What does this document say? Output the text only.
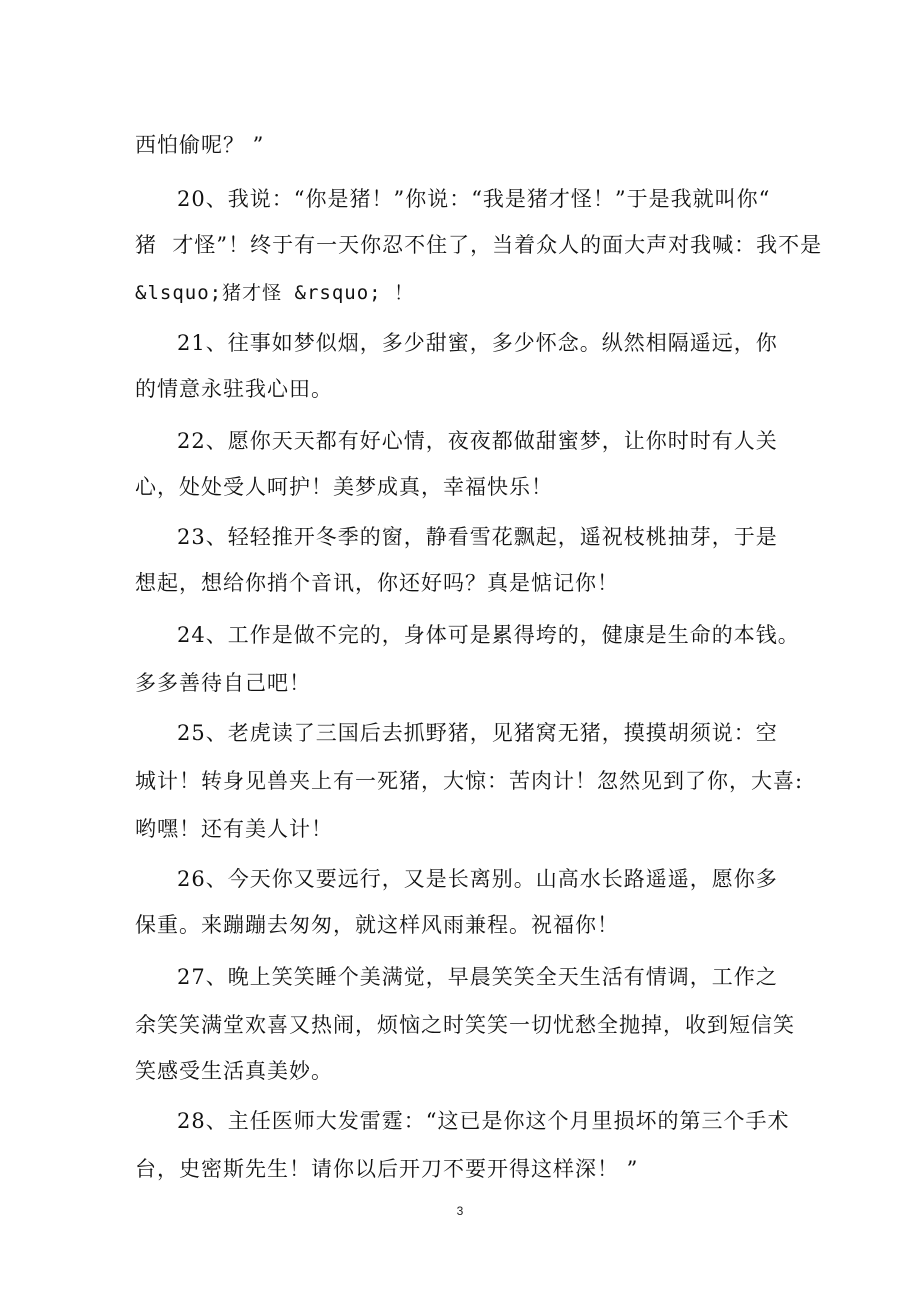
西怕偷呢？ ”
20、我说：“你是猪！”你说：“我是猪才怪！”于是我就叫你“
猪  才怪”！终于有一天你忍不住了，当着众人的面大声对我喊：我不是
&lsquo;猪才怪 &rsquo; ！
21、往事如梦似烟，多少甜蜜，多少怀念。纵然相隔遥远，你
的情意永驻我心田。
22、愿你天天都有好心情，夜夜都做甜蜜梦，让你时时有人关
心，处处受人呵护！美梦成真，幸福快乐！
23、轻轻推开冬季的窗，静看雪花飘起，遥祝枝桃抽芽，于是
想起，想给你捎个音讯，你还好吗？真是惦记你！
24、工作是做不完的，身体可是累得垮的，健康是生命的本钱。
多多善待自己吧！
25、老虎读了三国后去抓野猪，见猪窝无猪，摸摸胡须说：空
城计！转身见兽夹上有一死猪，大惊：苦肉计！忽然见到了你，大喜:
哟嘿！还有美人计！
26、今天你又要远行，又是长离别。山高水长路遥遥，愿你多
保重。来蹦蹦去匆匆，就这样风雨兼程。祝福你！
27、晚上笑笑睡个美满觉，早晨笑笑全天生活有情调，工作之
余笑笑满堂欢喜又热闹，烦恼之时笑笑一切忧愁全抛掉，收到短信笑
笑感受生活真美妙。
28、主任医师大发雷霆：“这已是你这个月里损坏的第三个手术
台，史密斯先生！请你以后开刀不要开得这样深！ ”
3
